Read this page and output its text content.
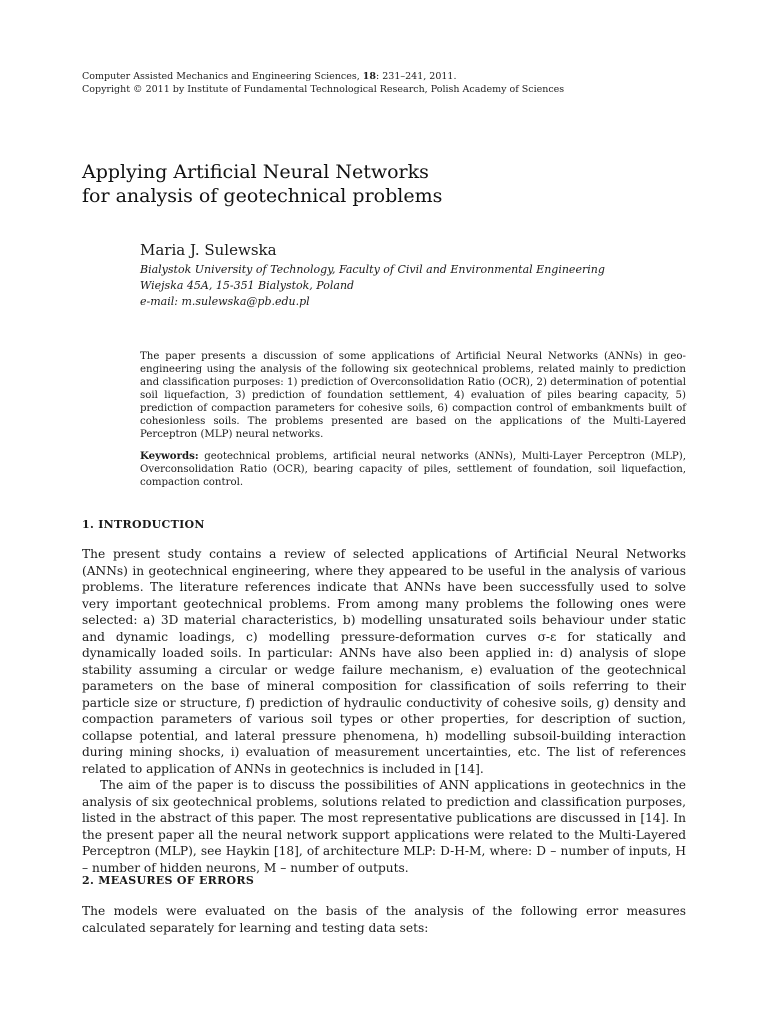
Computer Assisted Mechanics and Engineering Sciences, 18: 231–241, 2011.
Copyright © 2011 by Institute of Fundamental Technological Research, Polish Academy of Sciences
Applying Artificial Neural Networks
for analysis of geotechnical problems
Maria J. Sulewska
Bialystok University of Technology, Faculty of Civil and Environmental Engineering
Wiejska 45A, 15-351 Bialystok, Poland
e-mail: m.sulewska@pb.edu.pl
The paper presents a discussion of some applications of Artificial Neural Networks (ANNs) in geo-engineering using the analysis of the following six geotechnical problems, related mainly to prediction and classification purposes: 1) prediction of Overconsolidation Ratio (OCR), 2) determination of potential soil liquefaction, 3) prediction of foundation settlement, 4) evaluation of piles bearing capacity, 5) prediction of compaction parameters for cohesive soils, 6) compaction control of embankments built of cohesionless soils. The problems presented are based on the applications of the Multi-Layered Perceptron (MLP) neural networks.
Keywords: geotechnical problems, artificial neural networks (ANNs), Multi-Layer Perceptron (MLP), Overconsolidation Ratio (OCR), bearing capacity of piles, settlement of foundation, soil liquefaction, compaction control.
1. INTRODUCTION

The present study contains a review of selected applications of Artificial Neural Networks (ANNs) in geotechnical engineering, where they appeared to be useful in the analysis of various problems. The literature references indicate that ANNs have been successfully used to solve very important geotechnical problems. From among many problems the following ones were selected: a) 3D material characteristics, b) modelling unsaturated soils behaviour under static and dynamic loadings, c) modelling pressure-deformation curves σ-ε for statically and dynamically loaded soils. In particular: ANNs have also been applied in: d) analysis of slope stability assuming a circular or wedge failure mechanism, e) evaluation of the geotechnical parameters on the base of mineral composition for classification of soils referring to their particle size or structure, f) prediction of hydraulic conductivity of cohesive soils, g) density and compaction parameters of various soil types or other properties, for description of suction, collapse potential, and lateral pressure phenomena, h) modelling subsoil-building interaction during mining shocks, i) evaluation of measurement uncertainties, etc. The list of references related to application of ANNs in geotechnics is included in [14].

The aim of the paper is to discuss the possibilities of ANN applications in geotechnics in the analysis of six geotechnical problems, solutions related to prediction and classification purposes, listed in the abstract of this paper. The most representative publications are discussed in [14]. In the present paper all the neural network support applications were related to the Multi-Layered Perceptron (MLP), see Haykin [18], of architecture MLP: D-H-M, where: D – number of inputs, H – number of hidden neurons, M – number of outputs.

2. MEASURES OF ERRORS

The models were evaluated on the basis of the analysis of the following error measures calculated separately for learning and testing data sets:
